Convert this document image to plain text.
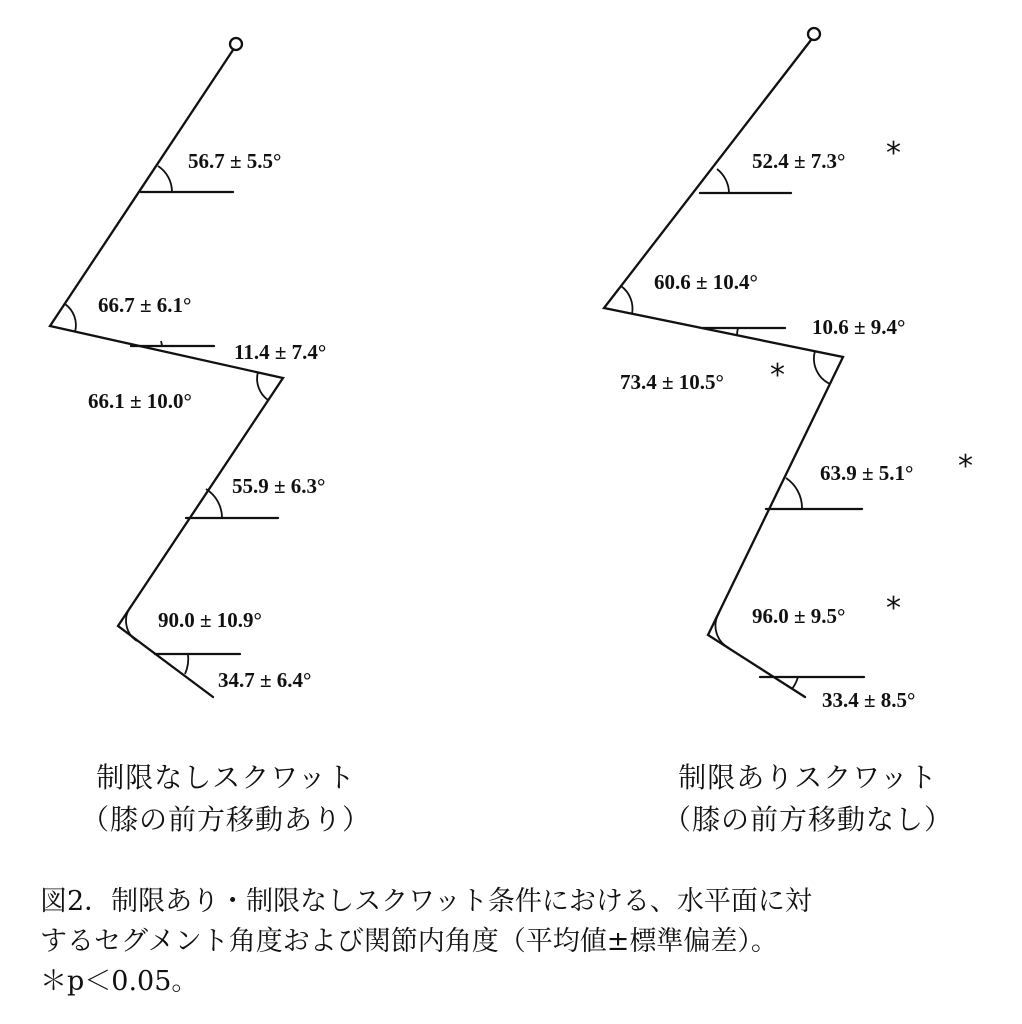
56.7 ± 5.5°
66.7 ± 6.1°
11.4 ± 7.4°
66.1 ± 10.0°
55.9 ± 6.3°
90.0 ± 10.9°
34.7 ± 6.4°
52.4 ± 7.3°
60.6 ± 10.4°
10.6 ± 9.4°
73.4 ± 10.5°
63.9 ± 5.1°
96.0 ± 9.5°
33.4 ± 8.5°
*
*
*
*
制限なしスクワット
（膝の前方移動あり）
制限ありスクワット
（膝の前方移動なし）
図2．制限あり・制限なしスクワット条件における、水平面に対
するセグメント角度および関節内角度（平均値±標準偏差）。
＊p＜0.05。
